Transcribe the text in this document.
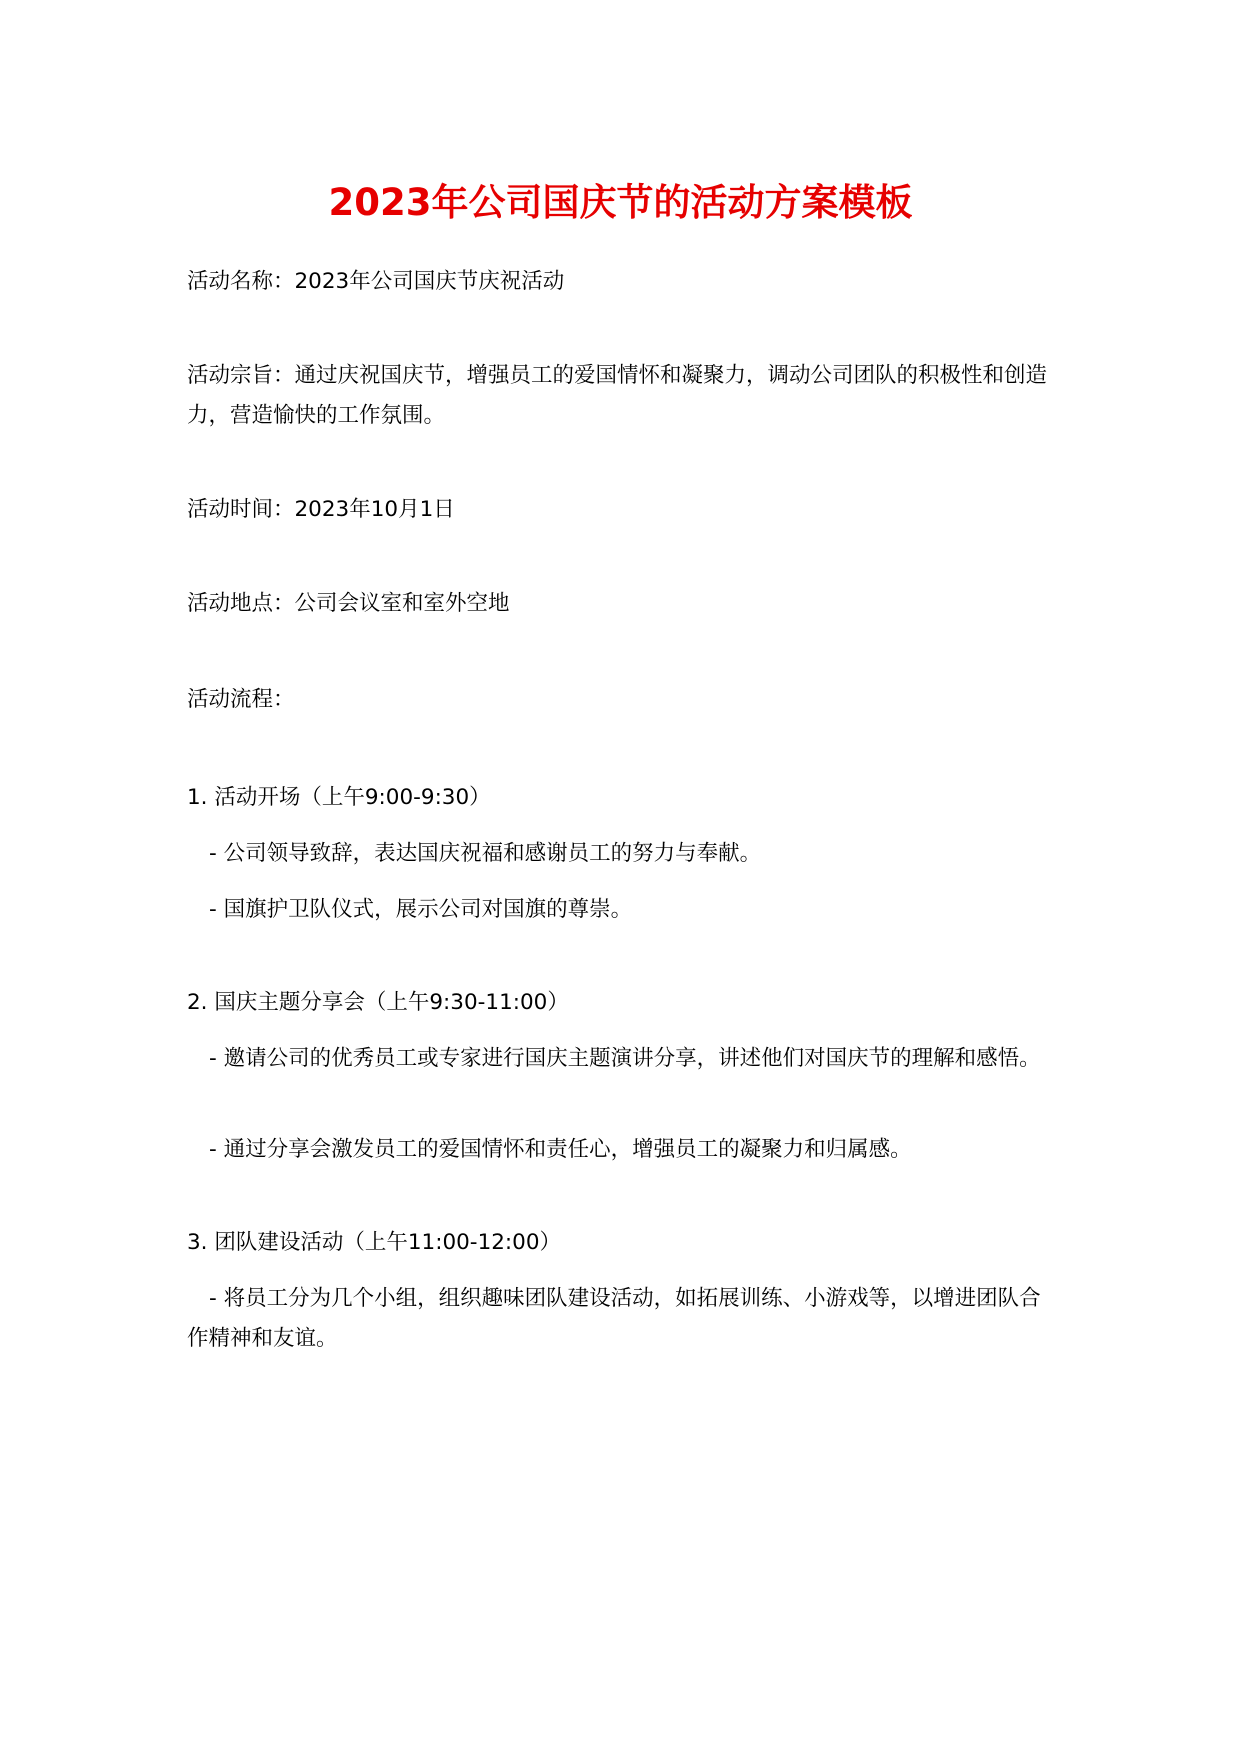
2023年公司国庆节的活动方案模板
活动名称：2023年公司国庆节庆祝活动
活动宗旨：通过庆祝国庆节，增强员工的爱国情怀和凝聚力，调动公司团队的积极性和创造力，营造愉快的工作氛围。
活动时间：2023年10月1日
活动地点：公司会议室和室外空地
活动流程：
1. 活动开场（上午9:00-9:30）
- 公司领导致辞，表达国庆祝福和感谢员工的努力与奉献。
- 国旗护卫队仪式，展示公司对国旗的尊崇。
2. 国庆主题分享会（上午9:30-11:00）
- 邀请公司的优秀员工或专家进行国庆主题演讲分享，讲述他们对国庆节的理解和感悟。
- 通过分享会激发员工的爱国情怀和责任心，增强员工的凝聚力和归属感。
3. 团队建设活动（上午11:00-12:00）
- 将员工分为几个小组，组织趣味团队建设活动，如拓展训练、小游戏等，以增进团队合作精神和友谊。
